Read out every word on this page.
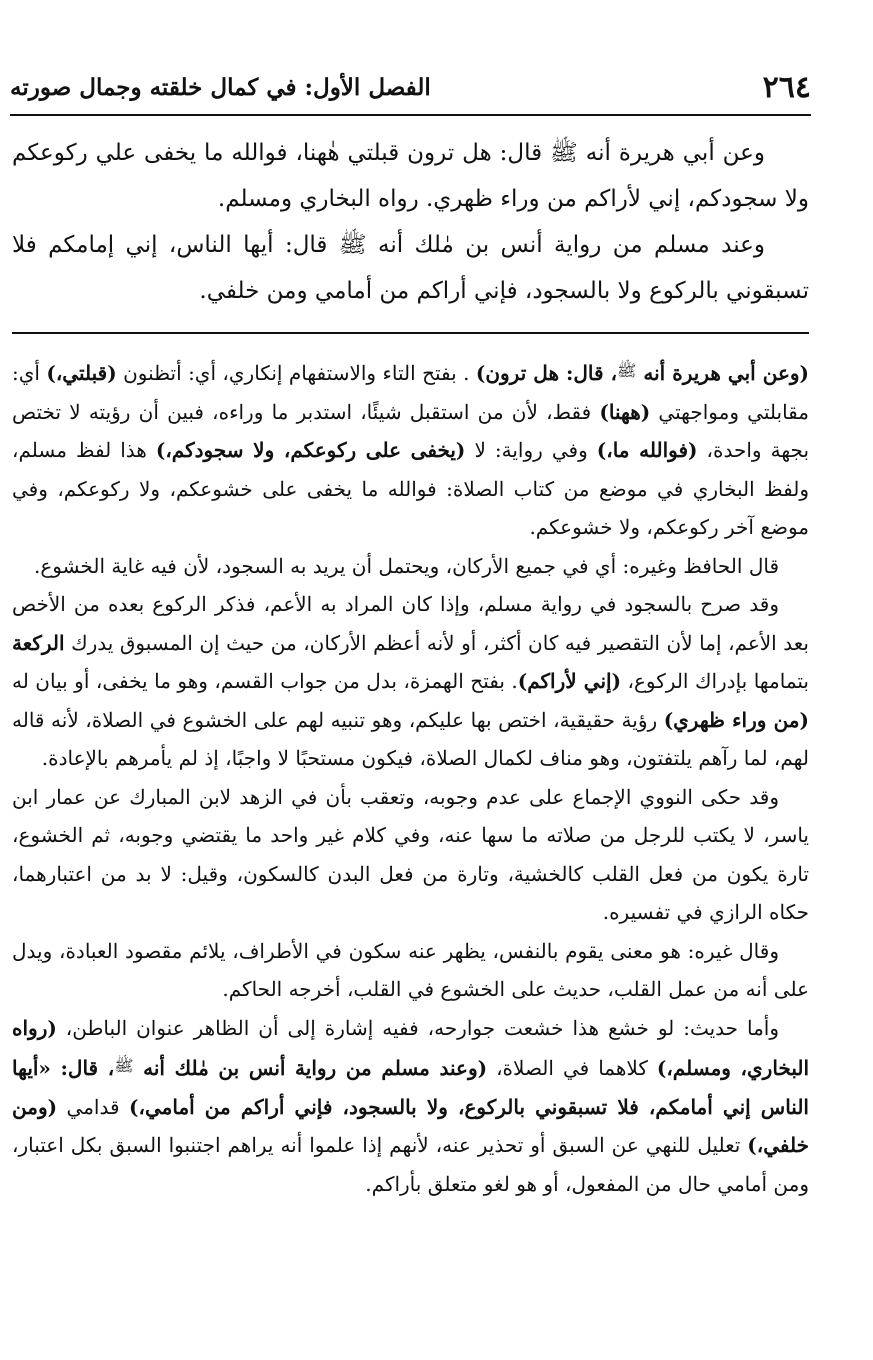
٢٦٤
الفصل الأول: في كمال خلقته وجمال صورته

وعن أبي هريرة أنه ﷺ قال: هل ترون قبلتي هٰهنا، فوالله ما يخفى علي ركوعكم ولا سجودكم، إني لأراكم من وراء ظهري. رواه البخاري ومسلم.

وعند مسلم من رواية أنس بن مٰلك أنه ﷺ قال: أيها الناس، إني إمامكم فلا تسبقوني بالركوع ولا بالسجود، فإني أراكم من أمامي ومن خلفي.

(وعن أبي هريرة أنه $^ﷺ$، قال: هل ترون) . بفتح التاء والاستفهام إنكاري، أي: أتظنون (قبلتي،) أي: مقابلتي ومواجهتي (ههنا) فقط، لأن من استقبل شيئًا، استدبر ما وراءه، فبين أن رؤيته لا تختص بجهة واحدة، (فوالله ما،) وفي رواية: لا (يخفى على ركوعكم، ولا سجودكم،) هذا لفظ مسلم، ولفظ البخاري في موضع من كتاب الصلاة: فوالله ما يخفى على خشوعكم، ولا ركوعكم، وفي موضع آخر ركوعكم، ولا خشوعكم.

قال الحافظ وغيره: أي في جميع الأركان، ويحتمل أن يريد به السجود، لأن فيه غاية الخشوع.

وقد صرح بالسجود في رواية مسلم، وإذا كان المراد به الأعم، فذكر الركوع بعده من الأخص بعد الأعم، إما لأن التقصير فيه كان أكثر، أو لأنه أعظم الأركان، من حيث إن المسبوق يدرك الركعة بتمامها بإدراك الركوع، (إني لأراكم). بفتح الهمزة، بدل من جواب القسم، وهو ما يخفى، أو بيان له (من وراء ظهري) رؤية حقيقية، اختص بها عليكم، وهو تنبيه لهم على الخشوع في الصلاة، لأنه قاله لهم، لما رآهم يلتفتون، وهو مناف لكمال الصلاة، فيكون مستحبًا لا واجبًا، إذ لم يأمرهم بالإعادة.

وقد حكى النووي الإجماع على عدم وجوبه، وتعقب بأن في الزهد لابن المبارك عن عمار ابن ياسر، لا يكتب للرجل من صلاته ما سها عنه، وفي كلام غير واحد ما يقتضي وجوبه، ثم الخشوع، تارة يكون من فعل القلب كالخشية، وتارة من فعل البدن كالسكون، وقيل: لا بد من اعتبارهما، حكاه الرازي في تفسيره.

وقال غيره: هو معنى يقوم بالنفس، يظهر عنه سكون في الأطراف، يلائم مقصود العبادة، ويدل على أنه من عمل القلب، حديث على الخشوع في القلب، أخرجه الحاكم.

وأما حديث: لو خشع هذا خشعت جوارحه، ففيه إشارة إلى أن الظاهر عنوان الباطن، (رواه البخاري، ومسلم،) كلاهما في الصلاة، (وعند مسلم من رواية أنس بن مٰلك أنه $^ﷺ$، قال: «أيها الناس إني أمامكم، فلا تسبقوني بالركوع، ولا بالسجود، فإني أراكم من أمامي،) قدامي (ومن خلفي،) تعليل للنهي عن السبق أو تحذير عنه، لأنهم إذا علموا أنه يراهم اجتنبوا السبق بكل اعتبار، ومن أمامي حال من المفعول، أو هو لغو متعلق بأراكم.
